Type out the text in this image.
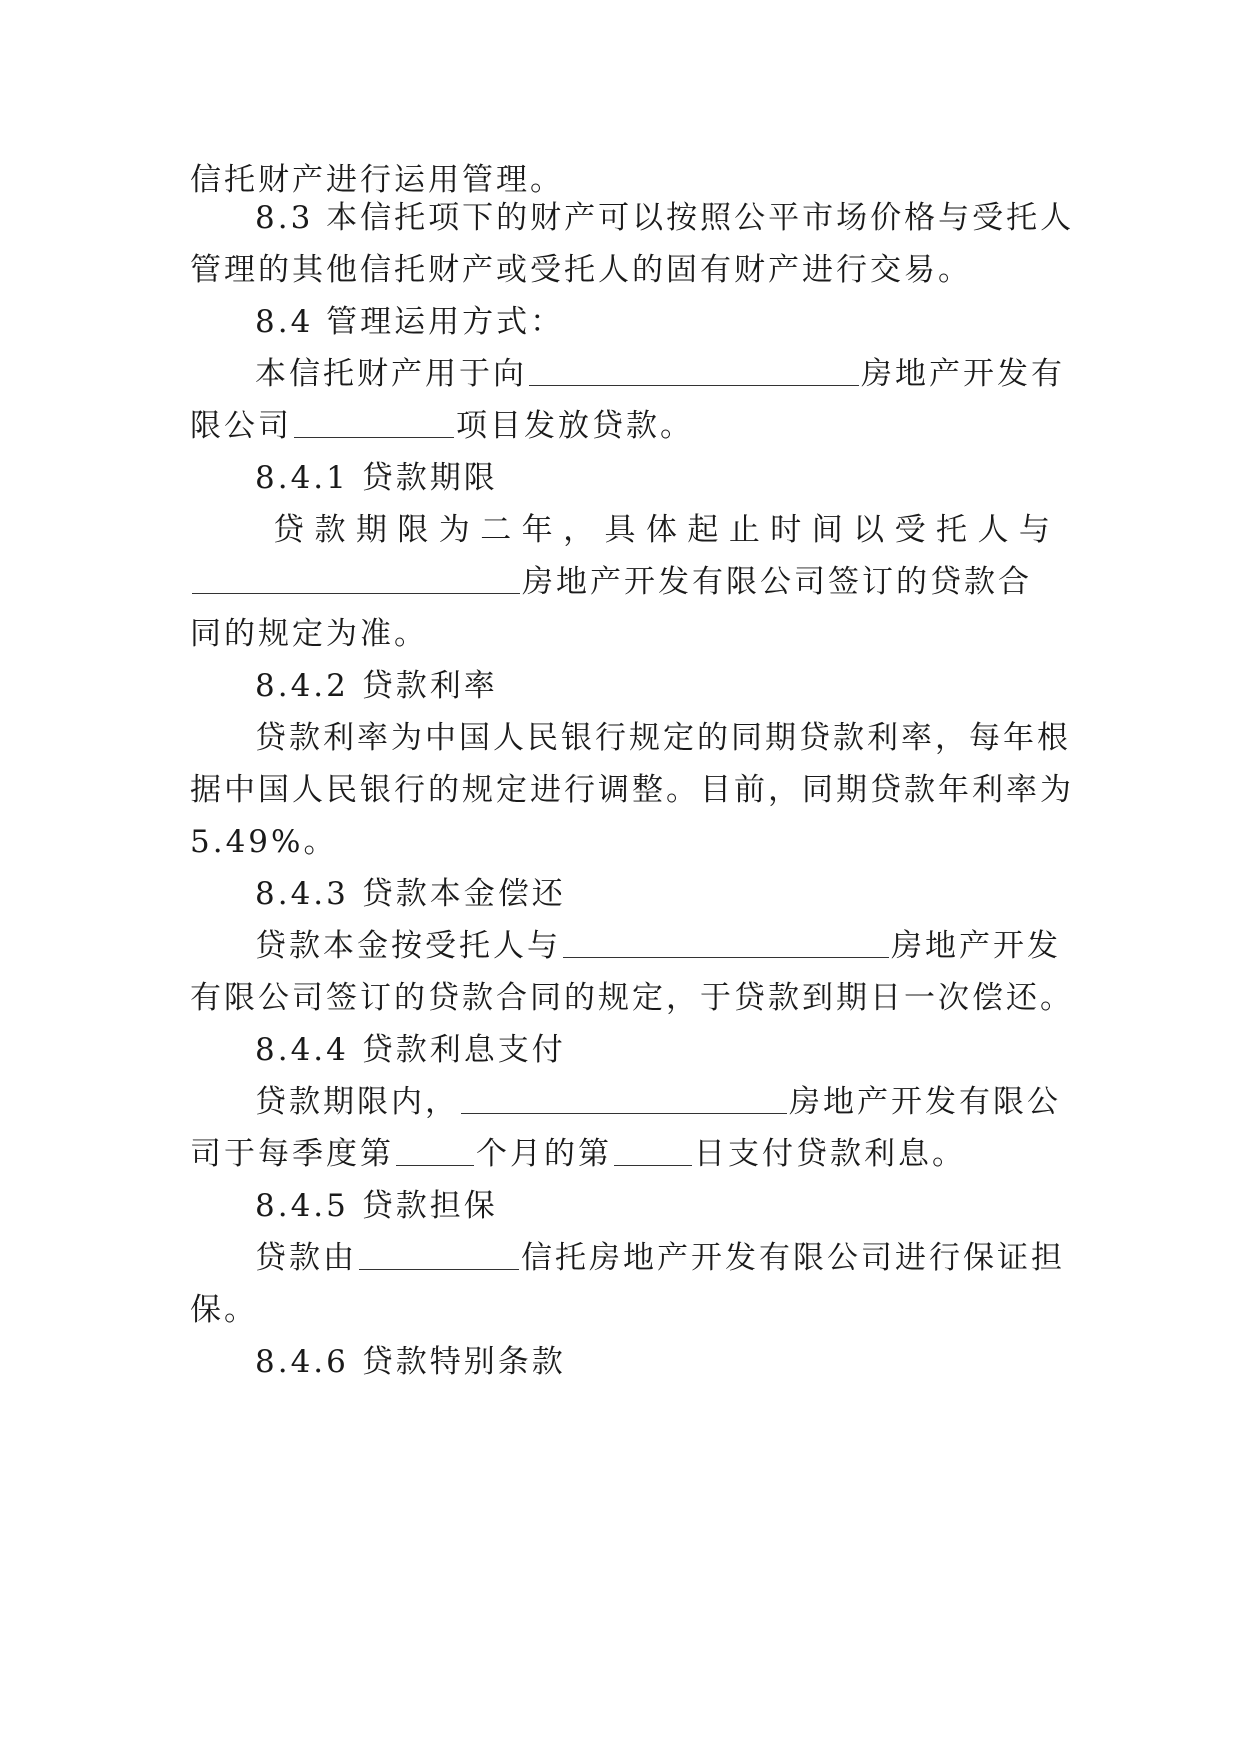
信托财产进行运用管理。
8.3 本信托项下的财产可以按照公平市场价格与受托人
管理的其他信托财产或受托人的固有财产进行交易。
8.4 管理运用方式：
本信托财产用于向	房地产开发有
限公司	项目发放贷款。
8.4.1 贷款期限
贷 款 期 限 为 二 年 ， 具 体 起 止 时 间 以 受 托 人 与
房地产开发有限公司签订的贷款合
同的规定为准。
8.4.2 贷款利率
贷款利率为中国人民银行规定的同期贷款利率，每年根
据中国人民银行的规定进行调整。目前，同期贷款年利率为
5.49%。
8.4.3 贷款本金偿还
贷款本金按受托人与	房地产开发
有限公司签订的贷款合同的规定，于贷款到期日一次偿还。
8.4.4 贷款利息支付
贷款期限内，	房地产开发有限公
司于每季度第	个月的第	日支付贷款利息。
8.4.5 贷款担保
贷款由	信托房地产开发有限公司进行保证担
保。
8.4.6 贷款特别条款
